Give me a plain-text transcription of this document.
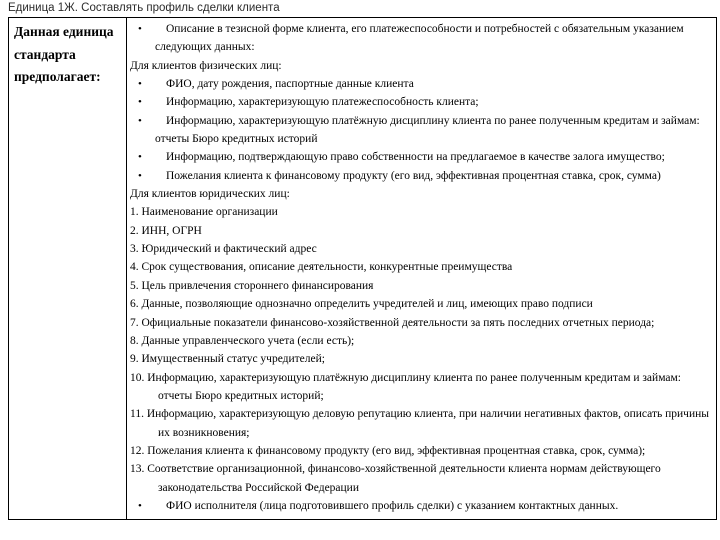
Единица 1Ж. Составлять профиль сделки клиента
Данная единица стандарта предполагает:
• Описание в тезисной форме клиента, его платежеспособности и потребностей с обязательным указанием следующих данных:
Для клиентов физических лиц:
• ФИО, дату рождения, паспортные данные клиента
• Информацию, характеризующую платежеспособность клиента;
• Информацию, характеризующую платёжную дисциплину клиента по ранее полученным кредитам и займам: отчеты Бюро кредитных историй
• Информацию, подтверждающую право собственности на предлагаемое в качестве залога имущество;
• Пожелания клиента к финансовому продукту (его вид, эффективная процентная ставка, срок, сумма)
Для клиентов юридических лиц:
1. Наименование организации
2. ИНН, ОГРН
3. Юридический и фактический адрес
4. Срок существования, описание деятельности, конкурентные преимущества
5. Цель привлечения стороннего финансирования
6. Данные, позволяющие однозначно определить учредителей и лиц, имеющих право подписи
7. Официальные показатели финансово-хозяйственной деятельности за пять последних отчетных периода;
8. Данные управленческого учета (если есть);
9. Имущественный статус учредителей;
10. Информацию, характеризующую платёжную дисциплину клиента по ранее полученным кредитам и займам: отчеты Бюро кредитных историй;
11. Информацию, характеризующую деловую репутацию клиента, при наличии негативных фактов, описать причины их возникновения;
12. Пожелания клиента к финансовому продукту (его вид, эффективная процентная ставка, срок, сумма);
13. Соответствие организационной, финансово-хозяйственной деятельности клиента нормам действующего законодательства Российской Федерации
• ФИО исполнителя (лица подготовившего профиль сделки) с указанием контактных данных.
